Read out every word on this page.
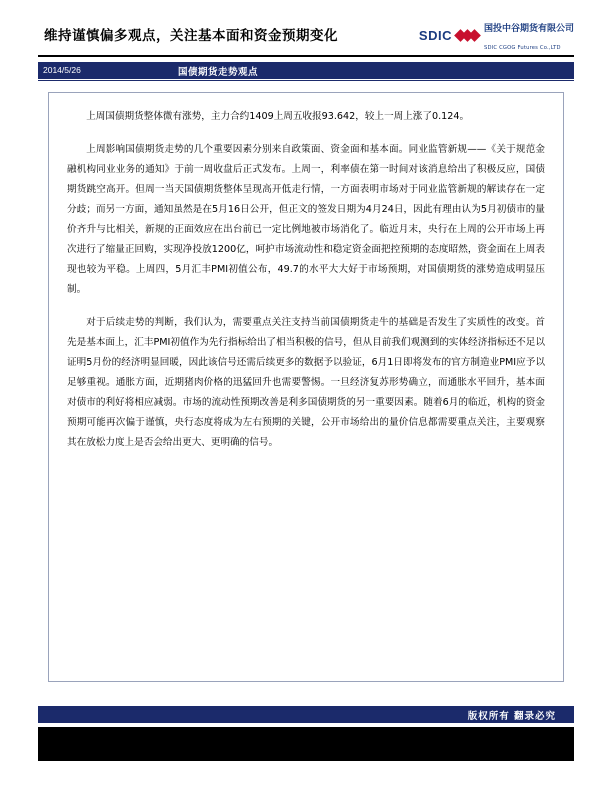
维持谨慎偏多观点，关注基本面和资金预期变化	SDIC	国投中谷期货有限公司
SDIC CGOG Futures Co.,LTD
2014/5/26	国债期货走势观点

上周国债期货整体微有涨势，主力合约1409上周五收报93.642，较上一周上涨了0.124。

上周影响国债期货走势的几个重要因素分别来自政策面、资金面和基本面。同业监管新规——《关于规范金融机构同业业务的通知》于前一周收盘后正式发布。上周一，利率债在第一时间对该消息给出了积极反应，国债期货跳空高开。但周一当天国债期货整体呈现高开低走行情，一方面表明市场对于同业监管新规的解读存在一定分歧；而另一方面，通知虽然是在5月16日公开，但正文的签发日期为4月24日，因此有理由认为5月初债市的量价齐升与比相关，新规的正面效应在出台前已一定比例地被市场消化了。临近月末，央行在上周的公开市场上再次进行了缩量正回购，实现净投放1200亿，呵护市场流动性和稳定资金面把控预期的态度昭然，资金面在上周表现也较为平稳。上周四，5月汇丰PMI初值公布，49.7的水平大大好于市场预期，对国债期货的涨势造成明显压制。

对于后续走势的判断，我们认为，需要重点关注支持当前国债期货走牛的基础是否发生了实质性的改变。首先是基本面上，汇丰PMI初值作为先行指标给出了相当积极的信号，但从目前我们观测到的实体经济指标还不足以证明5月份的经济明显回暖，因此该信号还需后续更多的数据予以验证，6月1日即将发布的官方制造业PMI应予以足够重视。通胀方面，近期猪肉价格的迅猛回升也需要警惕。一旦经济复苏形势确立，而通胀水平回升，基本面对债市的利好将相应减弱。市场的流动性预期改善是利多国债期货的另一重要因素。随着6月的临近，机构的资金预期可能再次偏于谨慎，央行态度将成为左右预期的关键，公开市场给出的量价信息都需要重点关注，主要观察其在放松力度上是否会给出更大、更明确的信号。

版权所有 翻录必究
